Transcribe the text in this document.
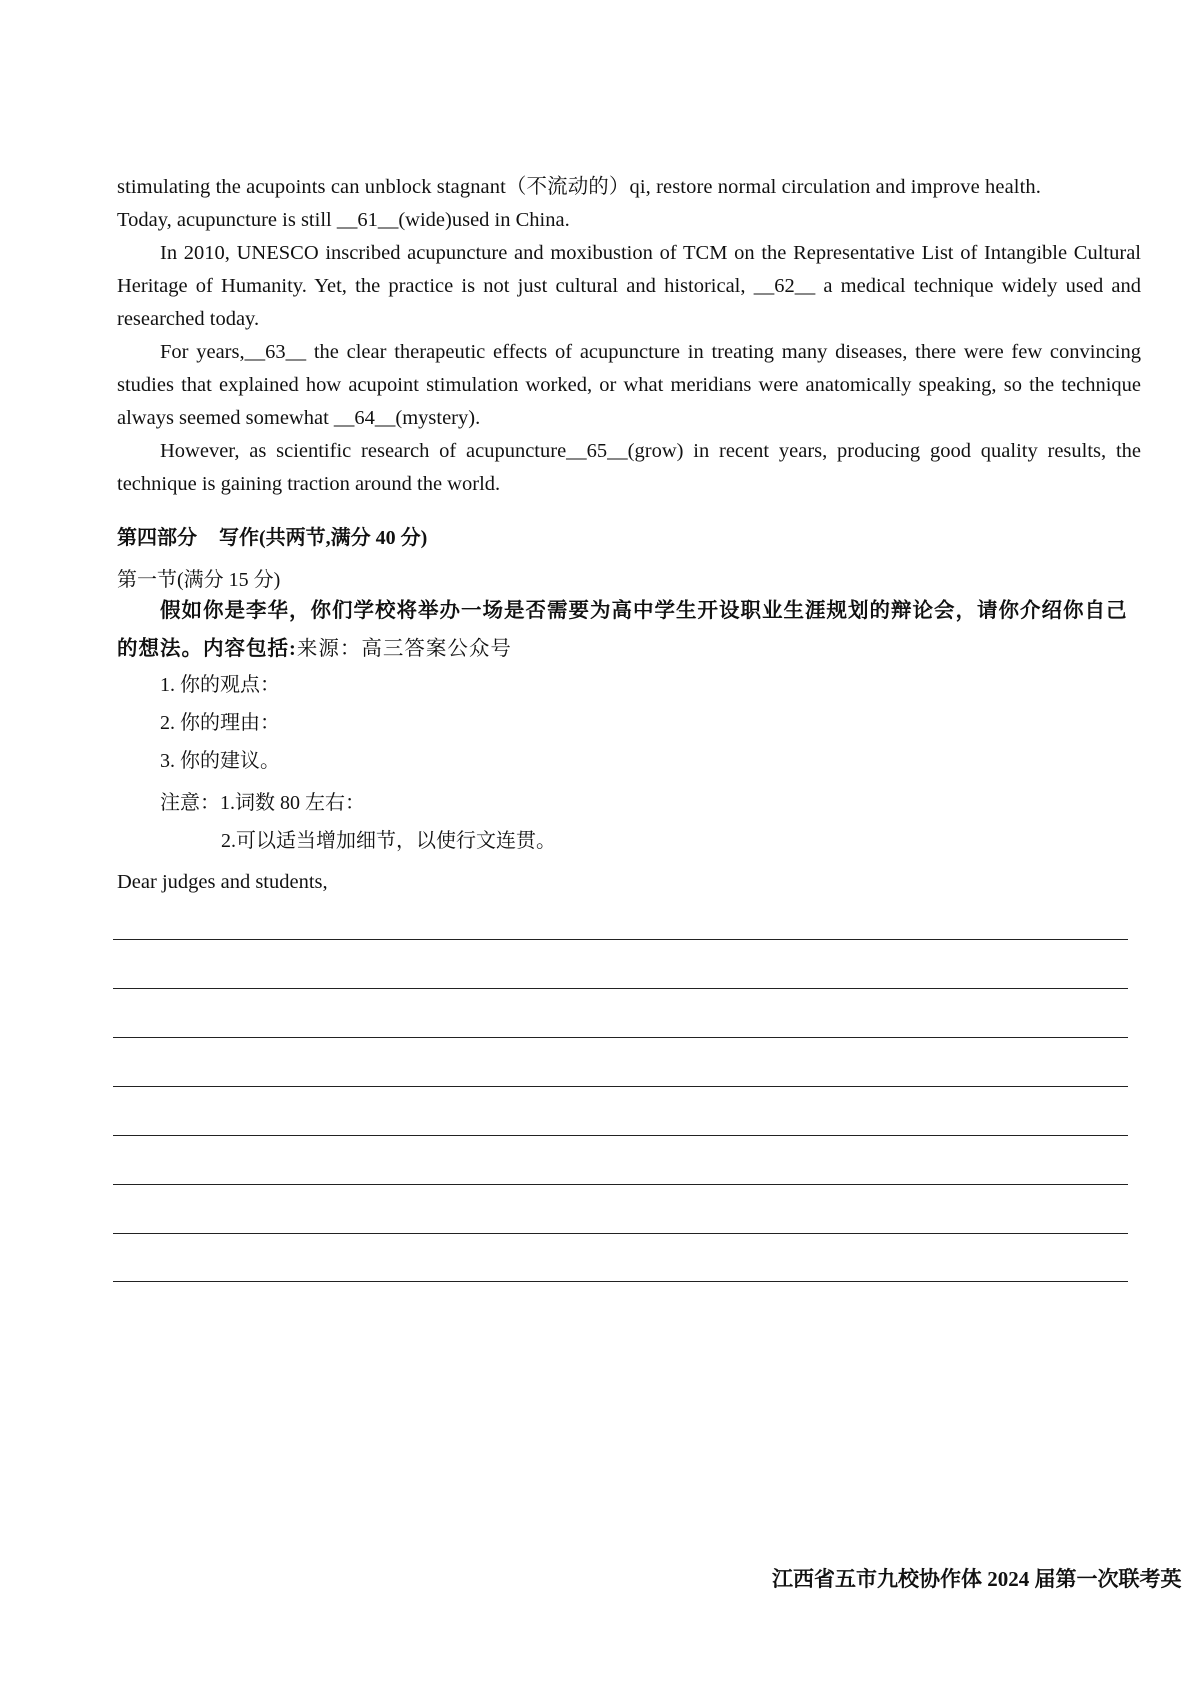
stimulating the acupoints can unblock stagnant（不流动的）qi, restore normal circulation and improve health.
Today, acupuncture is still __61__(wide)used in China.
In 2010, UNESCO inscribed acupuncture and moxibustion of TCM on the Representative List of Intangible Cultural Heritage of Humanity. Yet, the practice is not just cultural and historical, __62__ a medical technique widely used and researched today.
For years,__63__ the clear therapeutic effects of acupuncture in treating many diseases, there were few convincing studies that explained how acupoint stimulation worked, or what meridians were anatomically speaking, so the technique always seemed somewhat __64__(mystery).
However, as scientific research of acupuncture__65__(grow) in recent years, producing good quality results, the technique is gaining traction around the world.
第四部分 写作(共两节,满分 40 分)
第一节(满分 15 分)
假如你是李华，你们学校将举办一场是否需要为高中学生开设职业生涯规划的辩论会，请你介绍你自己的想法。内容包括:来源：高三答案公众号
1. 你的观点：
2. 你的理由：
3. 你的建议。
注意：1.词数 80 左右：
2.可以适当增加细节，以使行文连贯。
Dear judges and students,
江西省五市九校协作体 2024 届第一次联考英
